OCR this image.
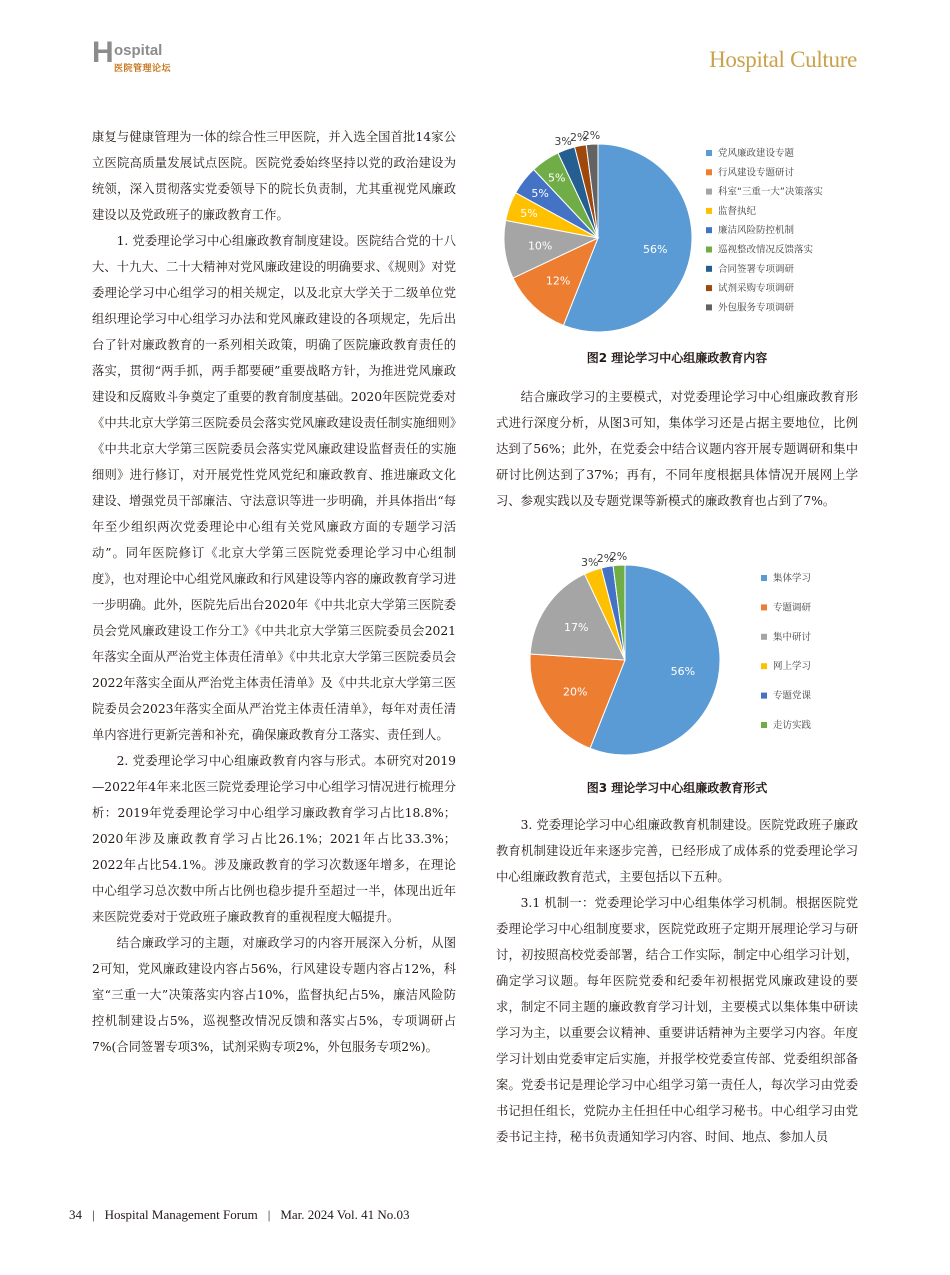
H ospital
医院管理论坛	Hospital Culture

康复与健康管理为一体的综合性三甲医院，并入选全国首批14家公立医院高质量发展试点医院。医院党委始终坚持以党的政治建设为统领，深入贯彻落实党委领导下的院长负责制，尤其重视党风廉政建设以及党政班子的廉政教育工作。

1. 党委理论学习中心组廉政教育制度建设。医院结合党的十八大、十九大、二十大精神对党风廉政建设的明确要求、《规则》对党委理论学习中心组学习的相关规定，以及北京大学关于二级单位党组织理论学习中心组学习办法和党风廉政建设的各项规定，先后出台了针对廉政教育的一系列相关政策，明确了医院廉政教育责任的落实，贯彻“两手抓，两手都要硬”重要战略方针，为推进党风廉政建设和反腐败斗争奠定了重要的教育制度基础。2020年医院党委对《中共北京大学第三医院委员会落实党风廉政建设责任制实施细则》《中共北京大学第三医院委员会落实党风廉政建设监督责任的实施细则》进行修订，对开展党性党风党纪和廉政教育、推进廉政文化建设、增强党员干部廉洁、守法意识等进一步明确，并具体指出“每年至少组织两次党委理论中心组有关党风廉政方面的专题学习活动”。同年医院修订《北京大学第三医院党委理论学习中心组制度》，也对理论中心组党风廉政和行风建设等内容的廉政教育学习进一步明确。此外，医院先后出台2020年《中共北京大学第三医院委员会党风廉政建设工作分工》《中共北京大学第三医院委员会2021年落实全面从严治党主体责任清单》《中共北京大学第三医院委员会2022年落实全面从严治党主体责任清单》及《中共北京大学第三医院委员会2023年落实全面从严治党主体责任清单》，每年对责任清单内容进行更新完善和补充，确保廉政教育分工落实、责任到人。

2. 党委理论学习中心组廉政教育内容与形式。本研究对2019—2022年4年来北医三院党委理论学习中心组学习情况进行梳理分析：2019年党委理论学习中心组学习廉政教育学习占比18.8%；2020年涉及廉政教育学习占比26.1%；2021年占比33.3%；2022年占比54.1%。涉及廉政教育的学习次数逐年增多，在理论中心组学习总次数中所占比例也稳步提升至超过一半，体现出近年来医院党委对于党政班子廉政教育的重视程度大幅提升。

结合廉政学习的主题，对廉政学习的内容开展深入分析，从图2可知，党风廉政建设内容占56%，行风建设专题内容占12%，科室“三重一大”决策落实内容占10%，监督执纪占5%，廉洁风险防控机制建设占5%，巡视整改情况反馈和落实占5%，专项调研占7%(合同签署专项3%，试剂采购专项2%，外包服务专项2%)。

56%
12%
10%
5%
5%
5%
3%
2%
2%
党风廉政建设专题
行风建设专题研讨
科室“三重一大”决策落实
监督执纪
廉洁风险防控机制
巡视整改情况反馈落实
合同签署专项调研
试剂采购专项调研
外包服务专项调研
图2 理论学习中心组廉政教育内容

结合廉政学习的主要模式，对党委理论学习中心组廉政教育形式进行深度分析，从图3可知，集体学习还是占据主要地位，比例达到了56%；此外，在党委会中结合议题内容开展专题调研和集中研讨比例达到了37%；再有，不同年度根据具体情况开展网上学习、参观实践以及专题党课等新模式的廉政教育也占到了7%。

56%
20%
17%
3%
2%
2%
集体学习
专题调研
集中研讨
网上学习
专题党课
走访实践
图3 理论学习中心组廉政教育形式

3. 党委理论学习中心组廉政教育机制建设。医院党政班子廉政教育机制建设近年来逐步完善，已经形成了成体系的党委理论学习中心组廉政教育范式，主要包括以下五种。

3.1 机制一：党委理论学习中心组集体学习机制。根据医院党委理论学习中心组制度要求，医院党政班子定期开展理论学习与研讨，初按照高校党委部署，结合工作实际，制定中心组学习计划，确定学习议题。每年医院党委和纪委年初根据党风廉政建设的要求，制定不同主题的廉政教育学习计划，主要模式以集体集中研读学习为主，以重要会议精神、重要讲话精神为主要学习内容。年度学习计划由党委审定后实施，并报学校党委宣传部、党委组织部备案。党委书记是理论学习中心组学习第一责任人，每次学习由党委书记担任组长，党院办主任担任中心组学习秘书。中心组学习由党委书记主持，秘书负责通知学习内容、时间、地点、参加人员

34 | Hospital Management Forum | Mar. 2024 Vol. 41 No.03
